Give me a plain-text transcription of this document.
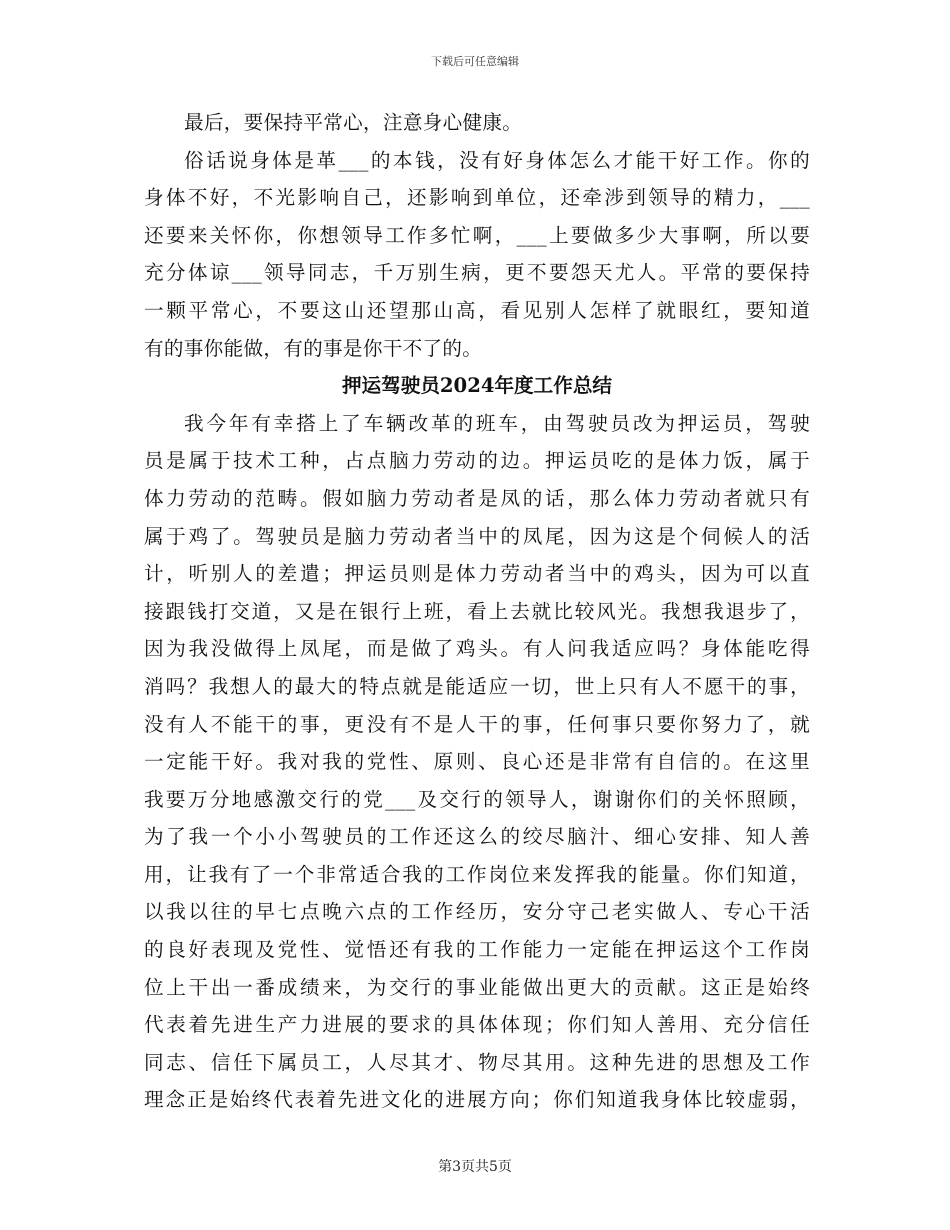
下载后可任意编辑
最后，要保持平常心，注意身心健康。
俗话说身体是革___的本钱，没有好身体怎么才能干好工作。你的
身体不好，不光影响自己，还影响到单位，还牵涉到领导的精力，___
还要来关怀你，你想领导工作多忙啊，___上要做多少大事啊，所以要
充分体谅___领导同志，千万别生病，更不要怨天尤人。平常的要保持
一颗平常心，不要这山还望那山高，看见别人怎样了就眼红，要知道
有的事你能做，有的事是你干不了的。
押运驾驶员2024年度工作总结
我今年有幸搭上了车辆改革的班车，由驾驶员改为押运员，驾驶
员是属于技术工种，占点脑力劳动的边。押运员吃的是体力饭，属于
体力劳动的范畴。假如脑力劳动者是凤的话，那么体力劳动者就只有
属于鸡了。驾驶员是脑力劳动者当中的凤尾，因为这是个伺候人的活
计，听别人的差遣；押运员则是体力劳动者当中的鸡头，因为可以直
接跟钱打交道，又是在银行上班，看上去就比较风光。我想我退步了，
因为我没做得上凤尾，而是做了鸡头。有人问我适应吗？身体能吃得
消吗？我想人的最大的特点就是能适应一切，世上只有人不愿干的事，
没有人不能干的事，更没有不是人干的事，任何事只要你努力了，就
一定能干好。我对我的党性、原则、良心还是非常有自信的。在这里
我要万分地感激交行的党___及交行的领导人，谢谢你们的关怀照顾，
为了我一个小小驾驶员的工作还这么的绞尽脑汁、细心安排、知人善
用，让我有了一个非常适合我的工作岗位来发挥我的能量。你们知道，
以我以往的早七点晚六点的工作经历，安分守己老实做人、专心干活
的良好表现及党性、觉悟还有我的工作能力一定能在押运这个工作岗
位上干出一番成绩来，为交行的事业能做出更大的贡献。这正是始终
代表着先进生产力进展的要求的具体体现；你们知人善用、充分信任
同志、信任下属员工，人尽其才、物尽其用。这种先进的思想及工作
理念正是始终代表着先进文化的进展方向；你们知道我身体比较虚弱，
第3页共5页
